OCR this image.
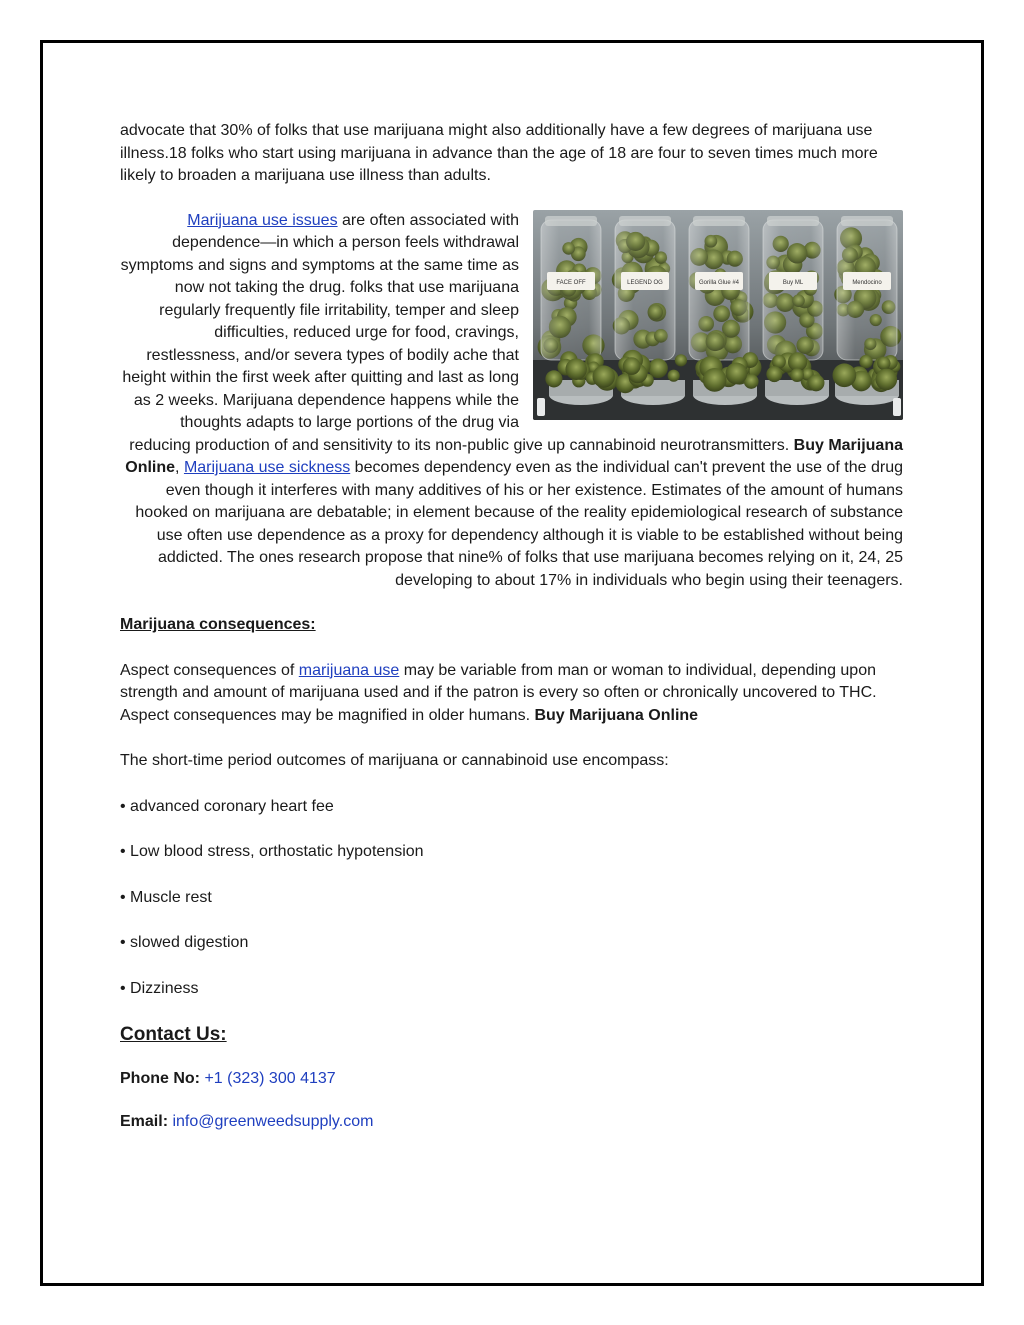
advocate that 30% of folks that use marijuana might also additionally have a few degrees of marijuana use illness.18 folks who start using marijuana in advance than the age of 18 are four to seven times much more likely to broaden a marijuana use illness than adults.

FACE OFF	LEGEND OG	Gorilla Glue #4	Buy ML	Mendocino
Marijuana use issues are often associated with dependence—in which a person feels withdrawal symptoms and signs and symptoms at the same time as now not taking the drug. folks that use marijuana regularly frequently file irritability, temper and sleep difficulties, reduced urge for food, cravings, restlessness, and/or severa types of bodily ache that height within the first week after quitting and last as long as 2 weeks. Marijuana dependence happens while the thoughts adapts to large portions of the drug via reducing production of and sensitivity to its non-public give up cannabinoid neurotransmitters. Buy Marijuana Online, Marijuana use sickness becomes dependency even as the individual can't prevent the use of the drug even though it interferes with many additives of his or her existence. Estimates of the amount of humans hooked on marijuana are debatable; in element because of the reality epidemiological research of substance use often use dependence as a proxy for dependency although it is viable to be established without being addicted. The ones research propose that nine% of folks that use marijuana becomes relying on it, 24, 25 developing to about 17% in individuals who begin using their teenagers.

Marijuana consequences:

Aspect consequences of marijuana use may be variable from man or woman to individual, depending upon strength and amount of marijuana used and if the patron is every so often or chronically uncovered to THC. Aspect consequences may be magnified in older humans. Buy Marijuana Online

The short-time period outcomes of marijuana or cannabinoid use encompass:

• advanced coronary heart fee

• Low blood stress, orthostatic hypotension

• Muscle rest

• slowed digestion

• Dizziness

Contact Us:

Phone No: +1 (323) 300 4137

Email: info@greenweedsupply.com
